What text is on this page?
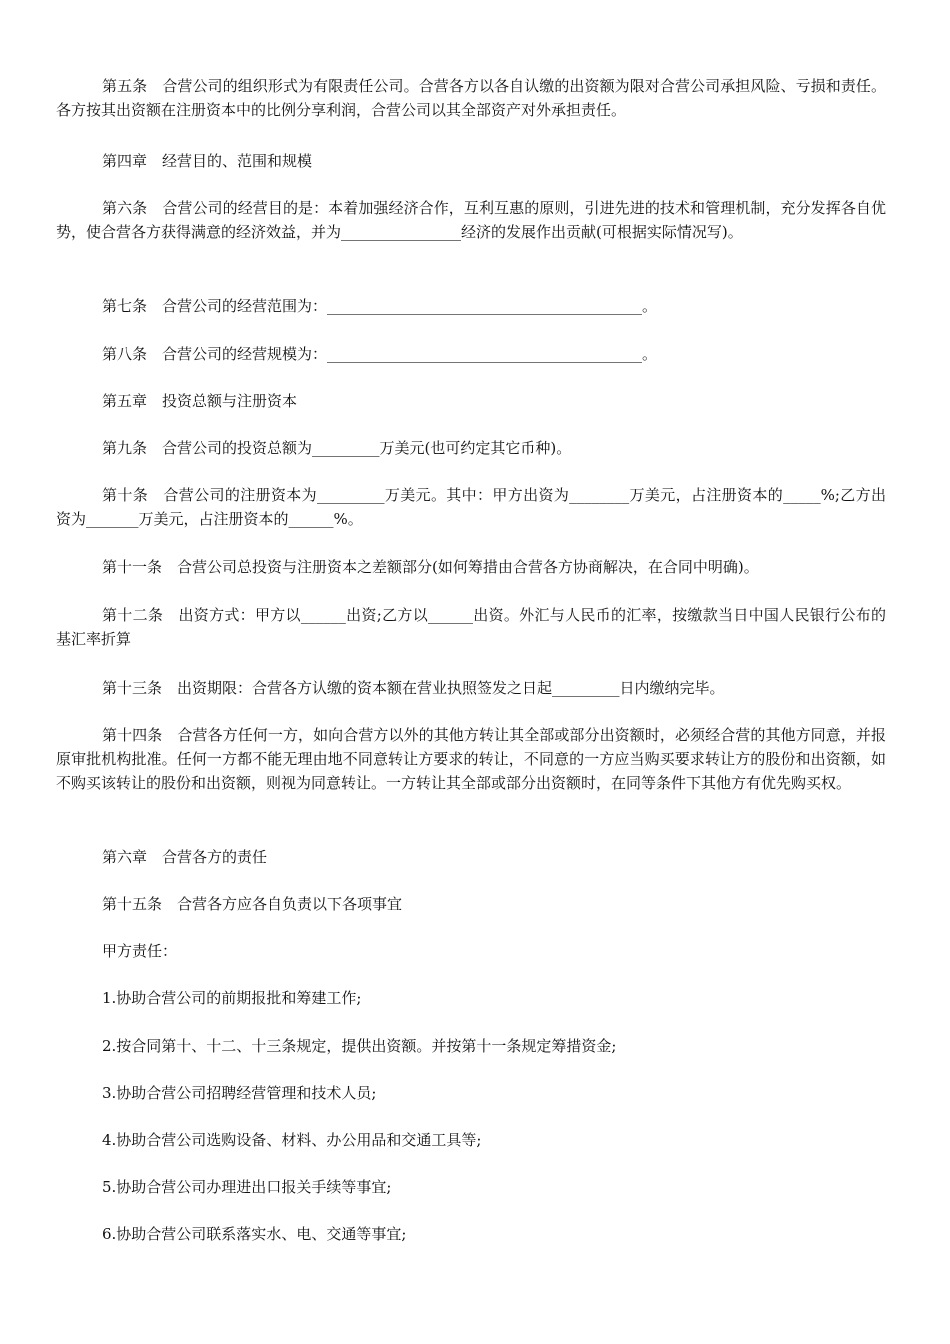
第五条　合营公司的组织形式为有限责任公司。合营各方以各自认缴的出资额为限对合营公司承担风险、亏损和责任。各方按其出资额在注册资本中的比例分享利润，合营公司以其全部资产对外承担责任。

第四章　经营目的、范围和规模

第六条　合营公司的经营目的是：本着加强经济合作，互利互惠的原则，引进先进的技术和管理机制，充分发挥各自优势，使合营各方获得满意的经济效益，并为________________经济的发展作出贡献(可根据实际情况写)。

第七条　合营公司的经营范围为：__________________________________________。

第八条　合营公司的经营规模为：__________________________________________。

第五章　投资总额与注册资本

第九条　合营公司的投资总额为_________万美元(也可约定其它币种)。

第十条　合营公司的注册资本为_________万美元。其中：甲方出资为________万美元，占注册资本的_____%;乙方出资为_______万美元，占注册资本的______%。

第十一条　合营公司总投资与注册资本之差额部分(如何筹措由合营各方协商解决，在合同中明确)。

第十二条　出资方式：甲方以______出资;乙方以______出资。外汇与人民币的汇率，按缴款当日中国人民银行公布的基汇率折算

第十三条　出资期限：合营各方认缴的资本额在营业执照签发之日起_________日内缴纳完毕。

第十四条　合营各方任何一方，如向合营方以外的其他方转让其全部或部分出资额时，必须经合营的其他方同意，并报原审批机构批准。任何一方都不能无理由地不同意转让方要求的转让，不同意的一方应当购买要求转让方的股份和出资额，如不购买该转让的股份和出资额，则视为同意转让。一方转让其全部或部分出资额时，在同等条件下其他方有优先购买权。

第六章　合营各方的责任

第十五条　合营各方应各自负责以下各项事宜

甲方责任：

1.协助合营公司的前期报批和筹建工作;

2.按合同第十、十二、十三条规定，提供出资额。并按第十一条规定筹措资金;

3.协助合营公司招聘经营管理和技术人员;

4.协助合营公司选购设备、材料、办公用品和交通工具等;

5.协助合营公司办理进出口报关手续等事宜;

6.协助合营公司联系落实水、电、交通等事宜;
